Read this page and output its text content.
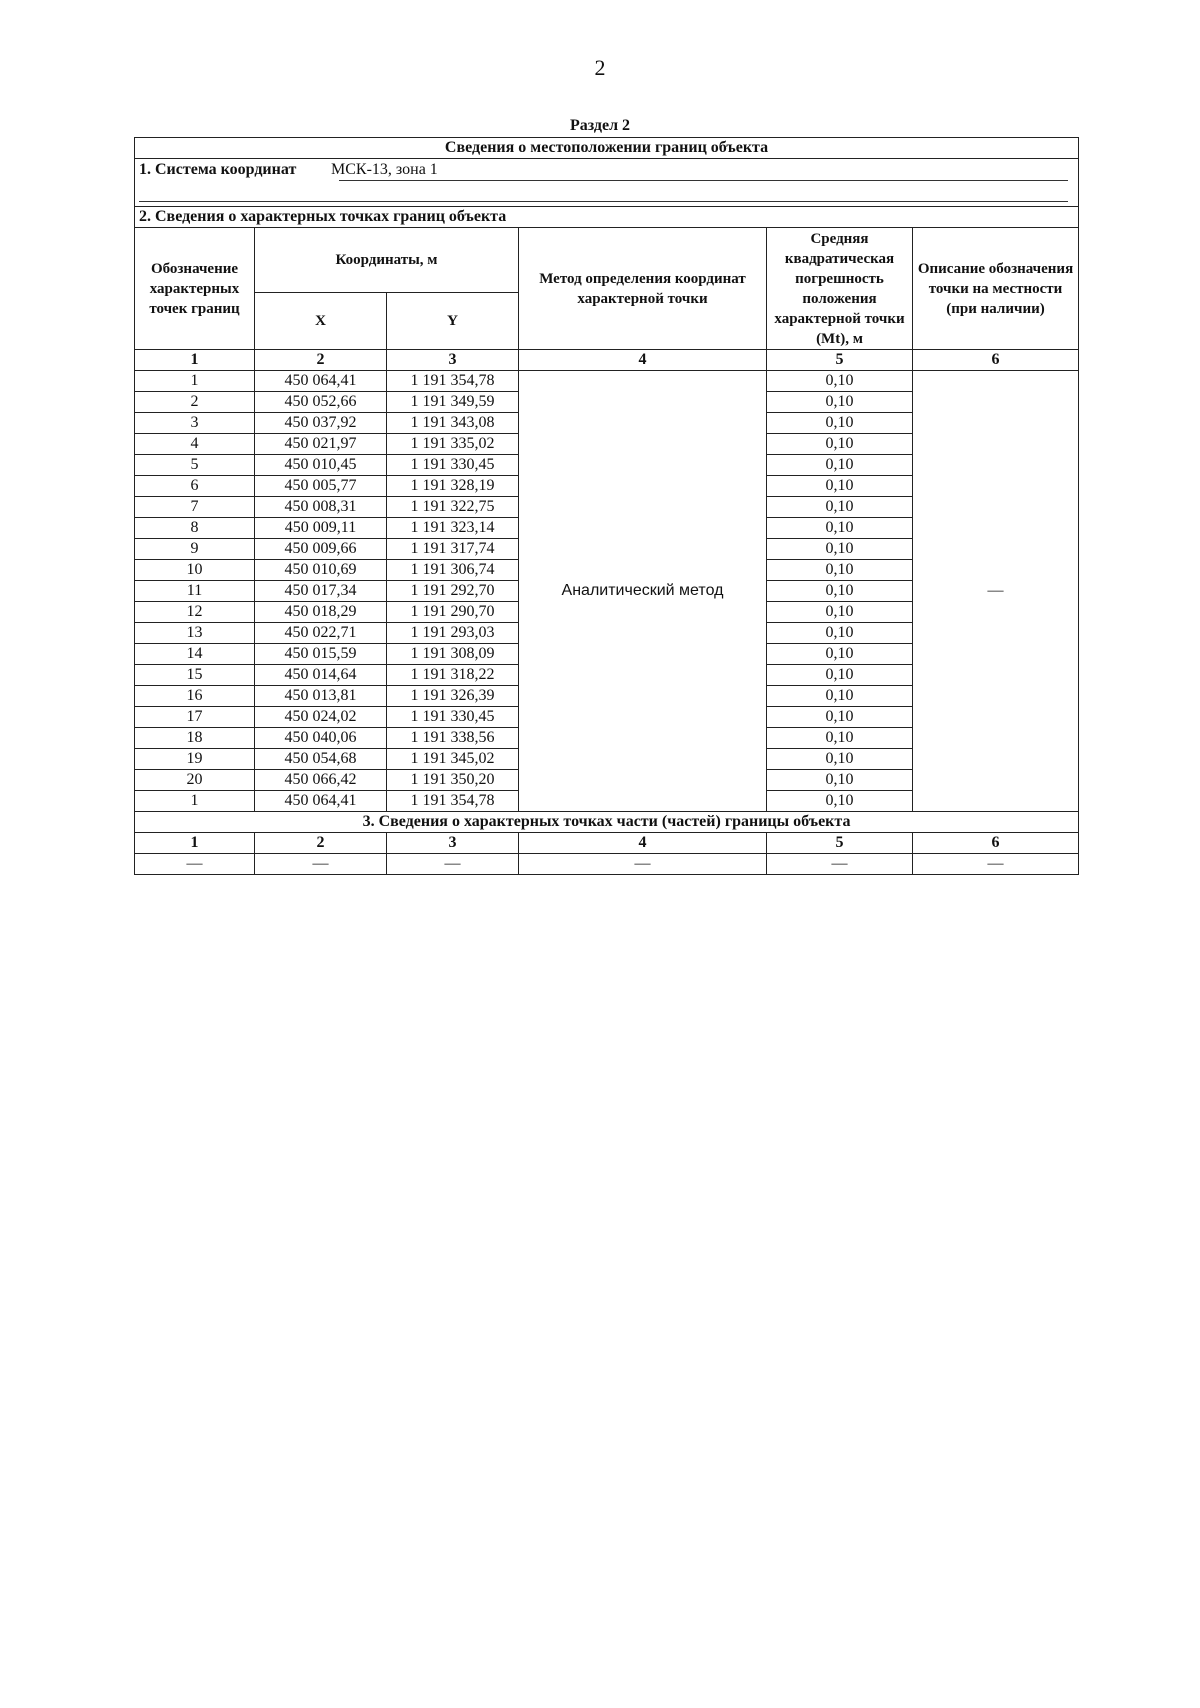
2
Раздел 2
Сведения о местоположении границ объекта					
1. Система координат МСК-13, зона 1					

2. Сведения о характерных точках границ объекта					
Обозначение характерных точек границ	Координаты, м		Метод определения координат характерной точки	Средняя квадратическая погрешность положения характерной точки (Mt), м	Описание обозначения точки на местности (при наличии)
	X	Y			
1	2	3	4	5	6
1	450 064,41	1 191 354,78	Аналитический метод	0,10	—
2	450 052,66	1 191 349,59		0,10	
3	450 037,92	1 191 343,08		0,10	
4	450 021,97	1 191 335,02		0,10	
5	450 010,45	1 191 330,45		0,10	
6	450 005,77	1 191 328,19		0,10	
7	450 008,31	1 191 322,75		0,10	
8	450 009,11	1 191 323,14		0,10	
9	450 009,66	1 191 317,74		0,10	
10	450 010,69	1 191 306,74		0,10	
11	450 017,34	1 191 292,70		0,10	
12	450 018,29	1 191 290,70		0,10	
13	450 022,71	1 191 293,03		0,10	
14	450 015,59	1 191 308,09		0,10	
15	450 014,64	1 191 318,22		0,10	
16	450 013,81	1 191 326,39		0,10	
17	450 024,02	1 191 330,45		0,10	
18	450 040,06	1 191 338,56		0,10	
19	450 054,68	1 191 345,02		0,10	
20	450 066,42	1 191 350,20		0,10	
1	450 064,41	1 191 354,78		0,10	
3. Сведения о характерных точках части (частей) границы объекта					
1	2	3	4	5	6
—	—	—	—	—	—
